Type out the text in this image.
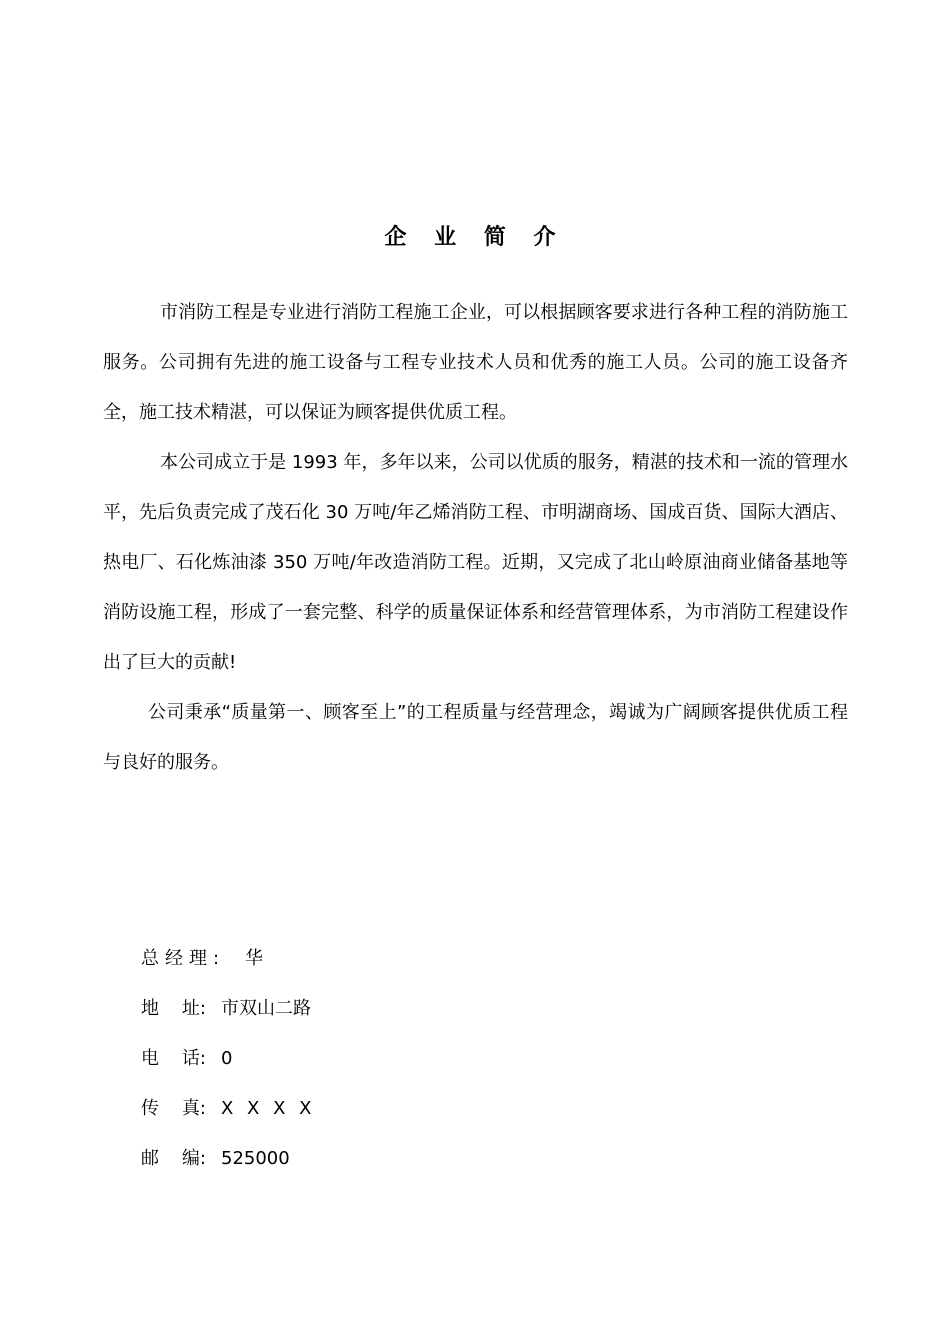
企 业 简 介

市消防工程是专业进行消防工程施工企业，可以根据顾客要求进行各种工程的消防施工服务。公司拥有先进的施工设备与工程专业技术人员和优秀的施工人员。公司的施工设备齐全，施工技术精湛，可以保证为顾客提供优质工程。

本公司成立于是 1993 年，多年以来，公司以优质的服务，精湛的技术和一流的管理水平，先后负责完成了茂石化 30 万吨/年乙烯消防工程、市明湖商场、国成百货、国际大酒店、热电厂、石化炼油漆 350 万吨/年改造消防工程。近期，又完成了北山岭原油商业储备基地等消防设施工程，形成了一套完整、科学的质量保证体系和经营管理体系，为市消防工程建设作出了巨大的贡献!

公司秉承“质量第一、顾客至上”的工程质量与经营理念，竭诚为广阔顾客提供优质工程与良好的服务。

总经理: 华
地    址: 市双山二路
电    话: 0
传    真: X X X X
邮    编: 525000
